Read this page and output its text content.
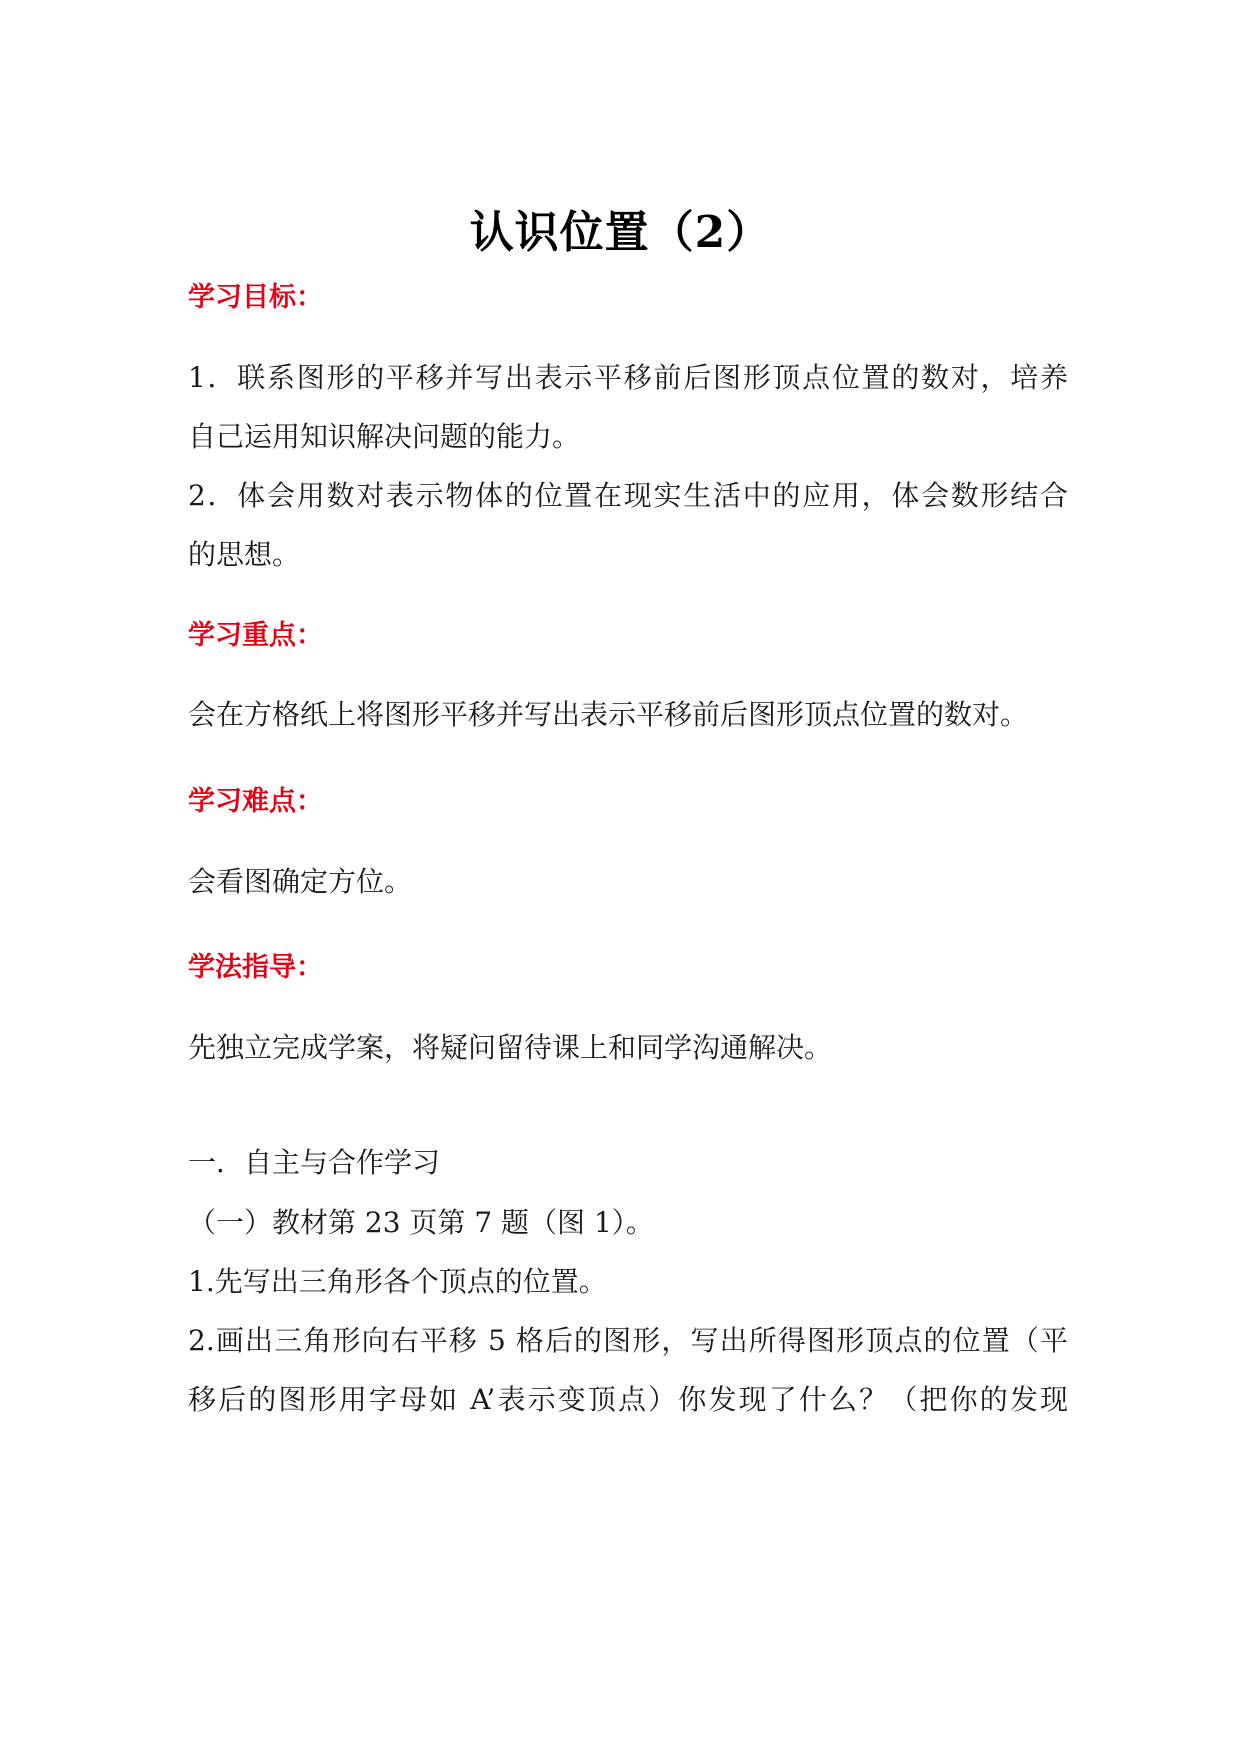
认识位置（2）
学习目标：
1．联系图形的平移并写出表示平移前后图形顶点位置的数对，培养
自己运用知识解决问题的能力。
2．体会用数对表示物体的位置在现实生活中的应用，体会数形结合
的思想。
学习重点：
会在方格纸上将图形平移并写出表示平移前后图形顶点位置的数对。
学习难点：
会看图确定方位。
学法指导：
先独立完成学案，将疑问留待课上和同学沟通解决。
一．自主与合作学习
（一）教材第 23 页第 7 题（图 1）。
1.先写出三角形各个顶点的位置。
2.画出三角形向右平移 5 格后的图形，写出所得图形顶点的位置（平
移后的图形用字母如 A’表示变顶点）你发现了什么？（把你的发现
